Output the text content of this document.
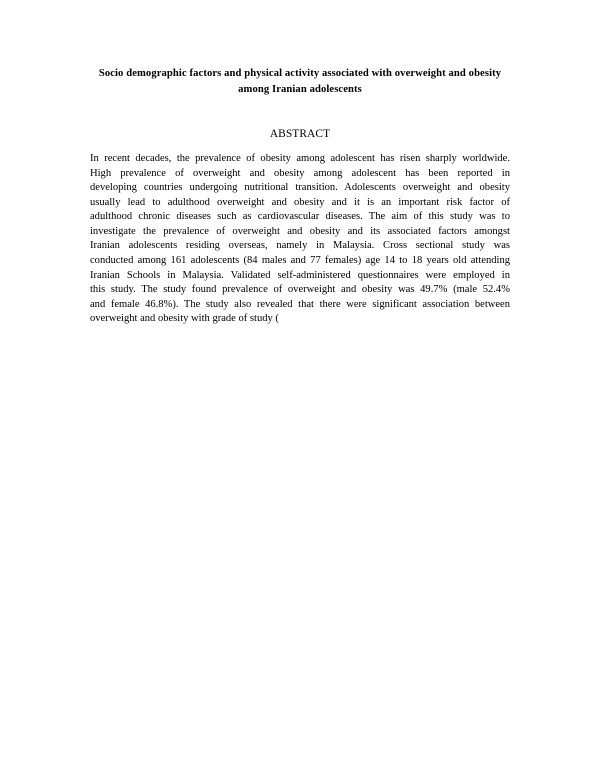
Socio demographic factors and physical activity associated with overweight and obesity
among Iranian adolescents
ABSTRACT
In recent decades, the prevalence of obesity among adolescent has risen sharply worldwide.
High prevalence of overweight and obesity among adolescent has been reported in
developing countries undergoing nutritional transition. Adolescents overweight and obesity
usually lead to adulthood overweight and obesity and it is an important risk factor of
adulthood chronic diseases such as cardiovascular diseases. The aim of this study was to
investigate the prevalence of overweight and obesity and its associated factors amongst
Iranian adolescents residing overseas, namely in Malaysia. Cross sectional study was
conducted among 161 adolescents (84 males and 77 females) age 14 to 18 years old attending
Iranian Schools in Malaysia. Validated self-administered questionnaires were employed in
this study. The study found prevalence of overweight and obesity was 49.7% (male 52.4%
and female 46.8%). The study also revealed that there were significant association between
overweight and obesity with grade of study (
